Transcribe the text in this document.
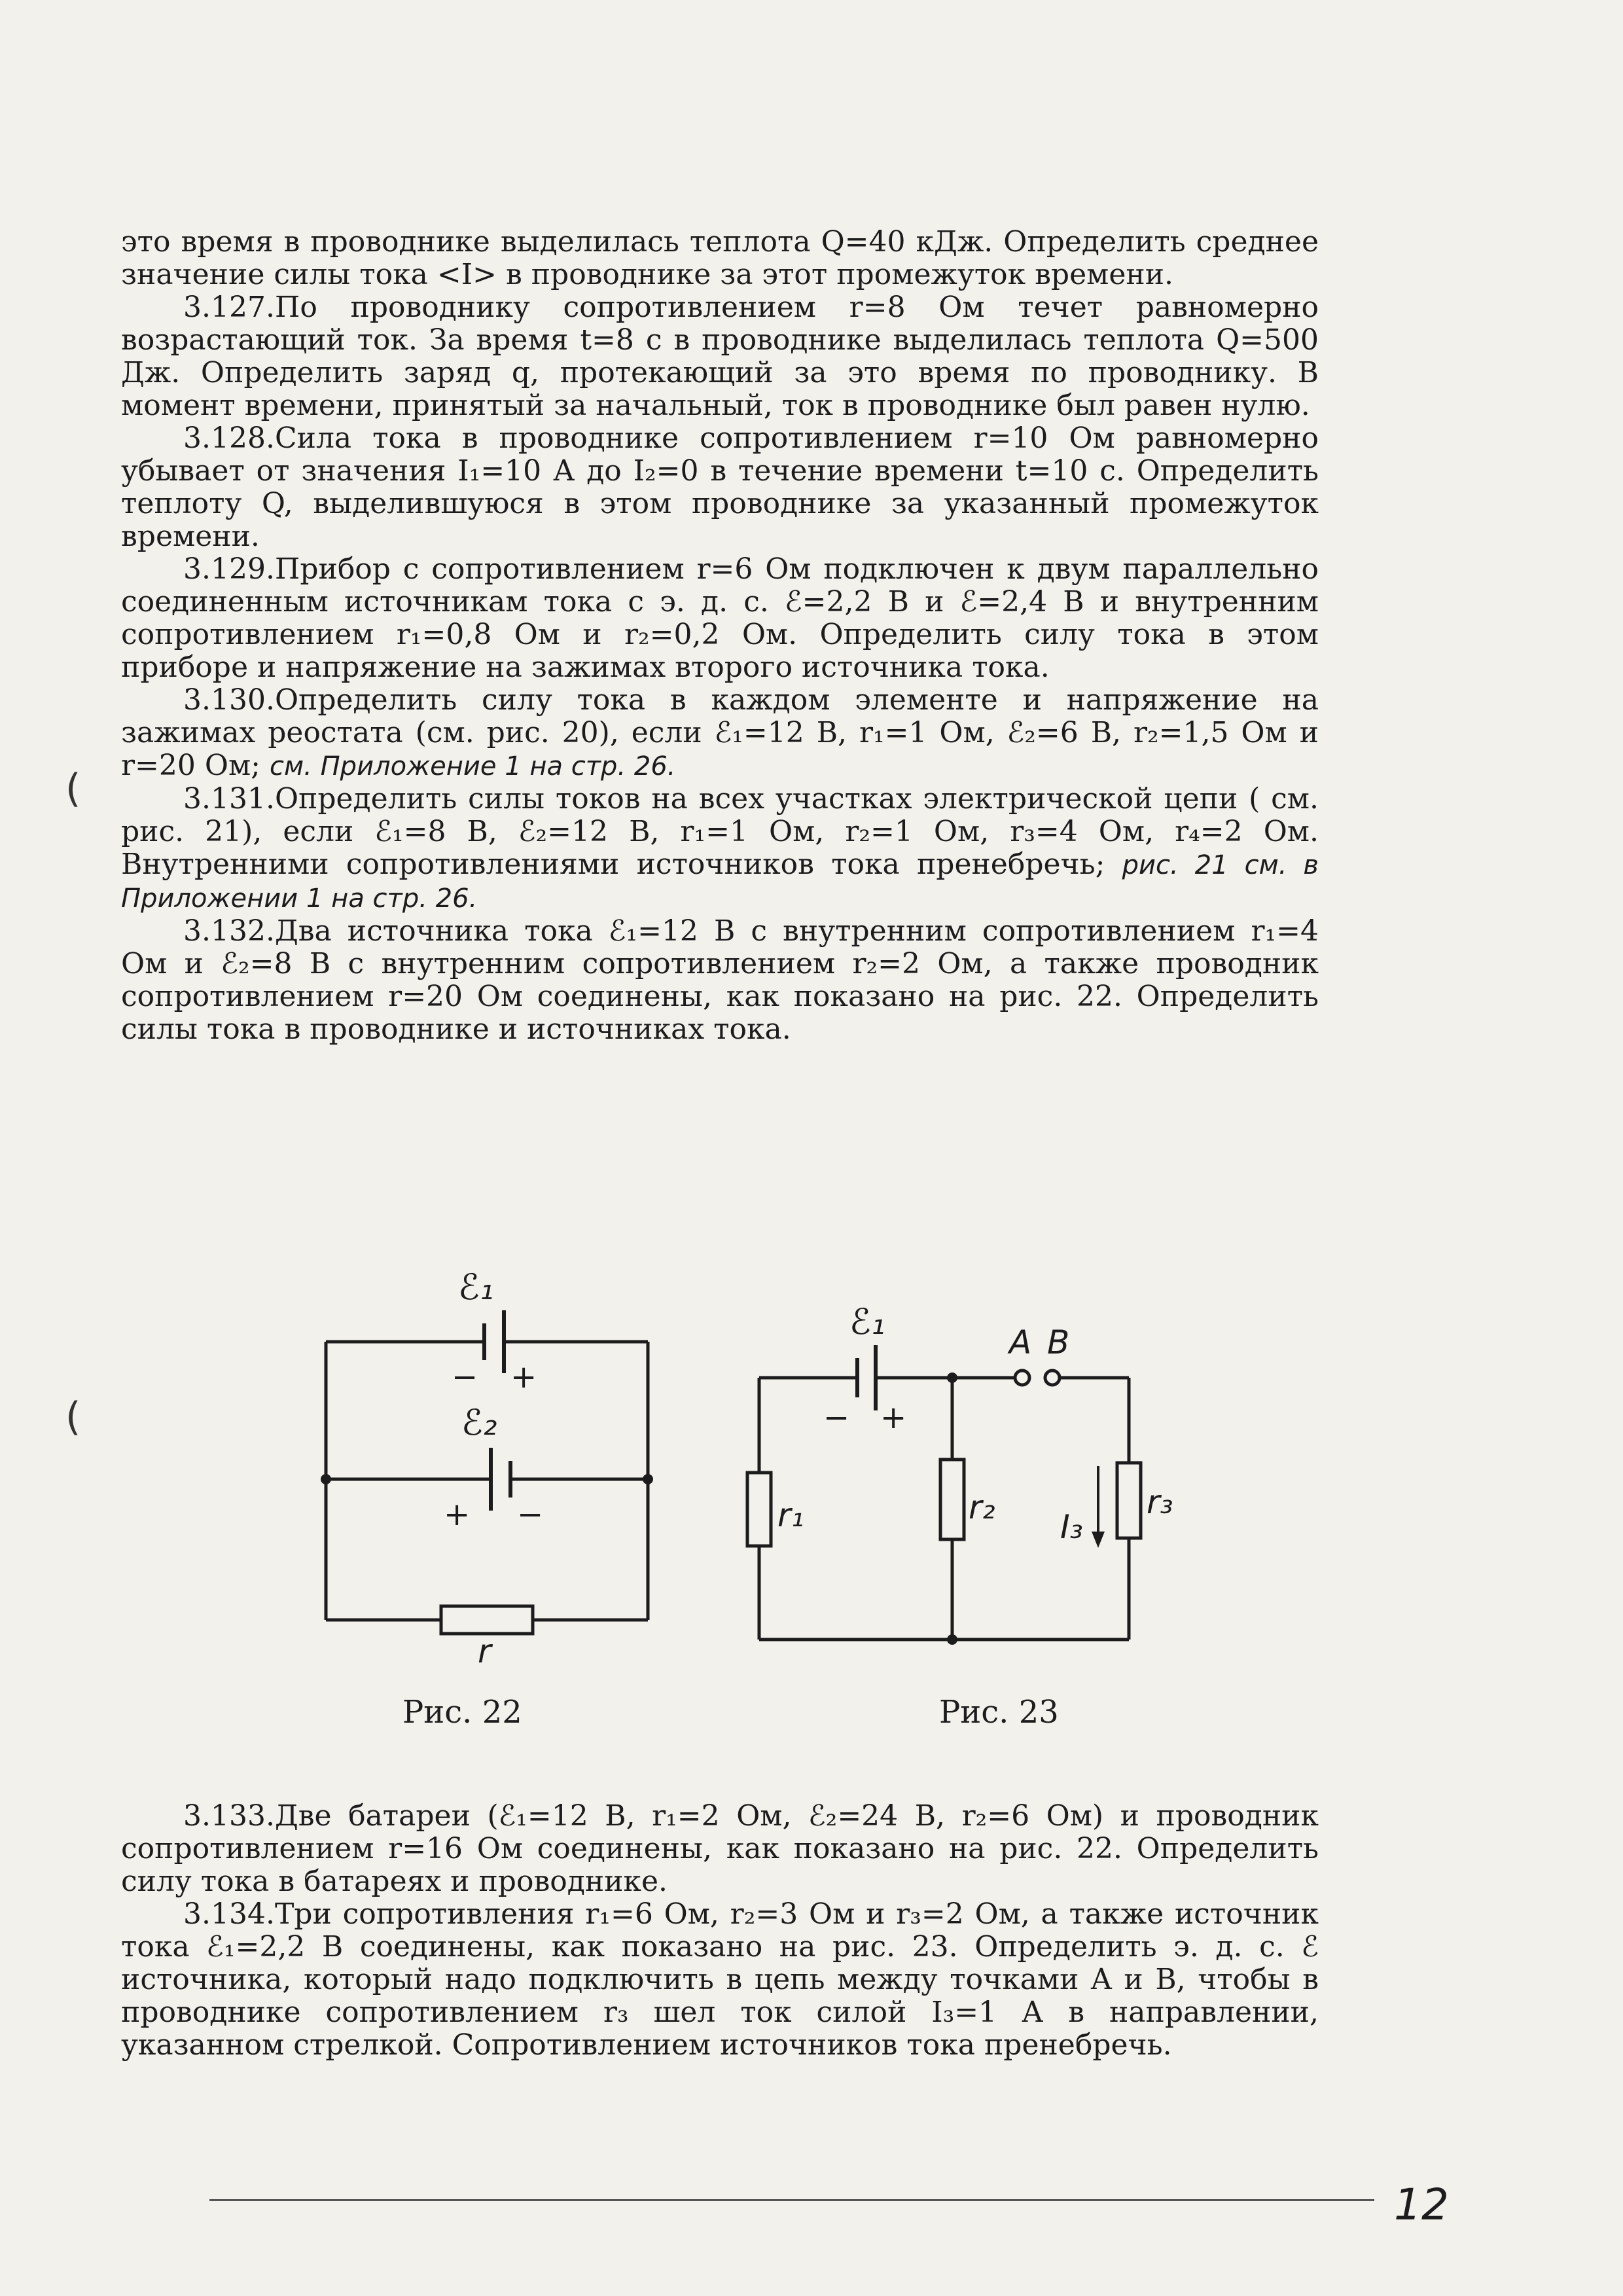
это время в проводнике выделилась теплота Q=40 кДж. Определить среднее значение силы тока <I> в проводнике за этот промежуток времени.

3.127.По проводнику сопротивлением r=8 Ом течет равномерно возрастающий ток. За время t=8 с в проводнике выделилась теплота Q=500 Дж. Определить заряд q, протекающий за это время по проводнику. В момент времени, принятый за начальный, ток в проводнике был равен нулю.

3.128.Сила тока в проводнике сопротивлением r=10 Ом равномерно убывает от значения I₁=10 А до I₂=0 в течение времени t=10 с. Определить теплоту Q, выделившуюся в этом проводнике за указанный промежуток времени.

3.129.Прибор с сопротивлением r=6 Ом подключен к двум параллельно соединенным источникам тока с э. д. с. ℰ=2,2 В и ℰ=2,4 В и внутренним сопротивлением r₁=0,8 Ом и r₂=0,2 Ом. Определить силу тока в этом приборе и напряжение на зажимах второго источника тока.

3.130.Определить силу тока в каждом элементе и напряжение на зажимах реостата (см. рис. 20), если ℰ₁=12 В, r₁=1 Ом, ℰ₂=6 В, r₂=1,5 Ом и r=20 Ом; см. Приложение 1 на стр. 26.

3.131.Определить силы токов на всех участках электрической цепи ( см. рис. 21), если ℰ₁=8 В, ℰ₂=12 В, r₁=1 Ом, r₂=1 Ом, r₃=4 Ом, r₄=2 Ом. Внутренними сопротивлениями источников тока пренебречь; рис. 21 см. в Приложении 1 на стр. 26.

3.132.Два источника тока ℰ₁=12 В с внутренним сопротивлением r₁=4 Ом и ℰ₂=8 В с внутренним сопротивлением r₂=2 Ом, а также проводник сопротивлением r=20 Ом соединены, как показано на рис. 22. Определить силы тока в проводнике и источниках тока.

ℰ₁
− +
ℰ₂
+ −
r
ℰ₁
− +
A B
r₁	r₂	r₃
I₃
Рис. 22	Рис. 23

3.133.Две батареи (ℰ₁=12 В, r₁=2 Ом, ℰ₂=24 В, r₂=6 Ом) и проводник сопротивлением r=16 Ом соединены, как показано на рис. 22. Определить силу тока в батареях и проводнике.

3.134.Три сопротивления r₁=6 Ом, r₂=3 Ом и r₃=2 Ом, а также источник тока ℰ₁=2,2 В соединены, как показано на рис. 23. Определить э. д. с. ℰ источника, который надо подключить в цепь между точками A и B, чтобы в проводнике сопротивлением r₃ шел ток силой I₃=1 А в направлении, указанном стрелкой. Сопротивлением источников тока пренебречь.

12
(
(
